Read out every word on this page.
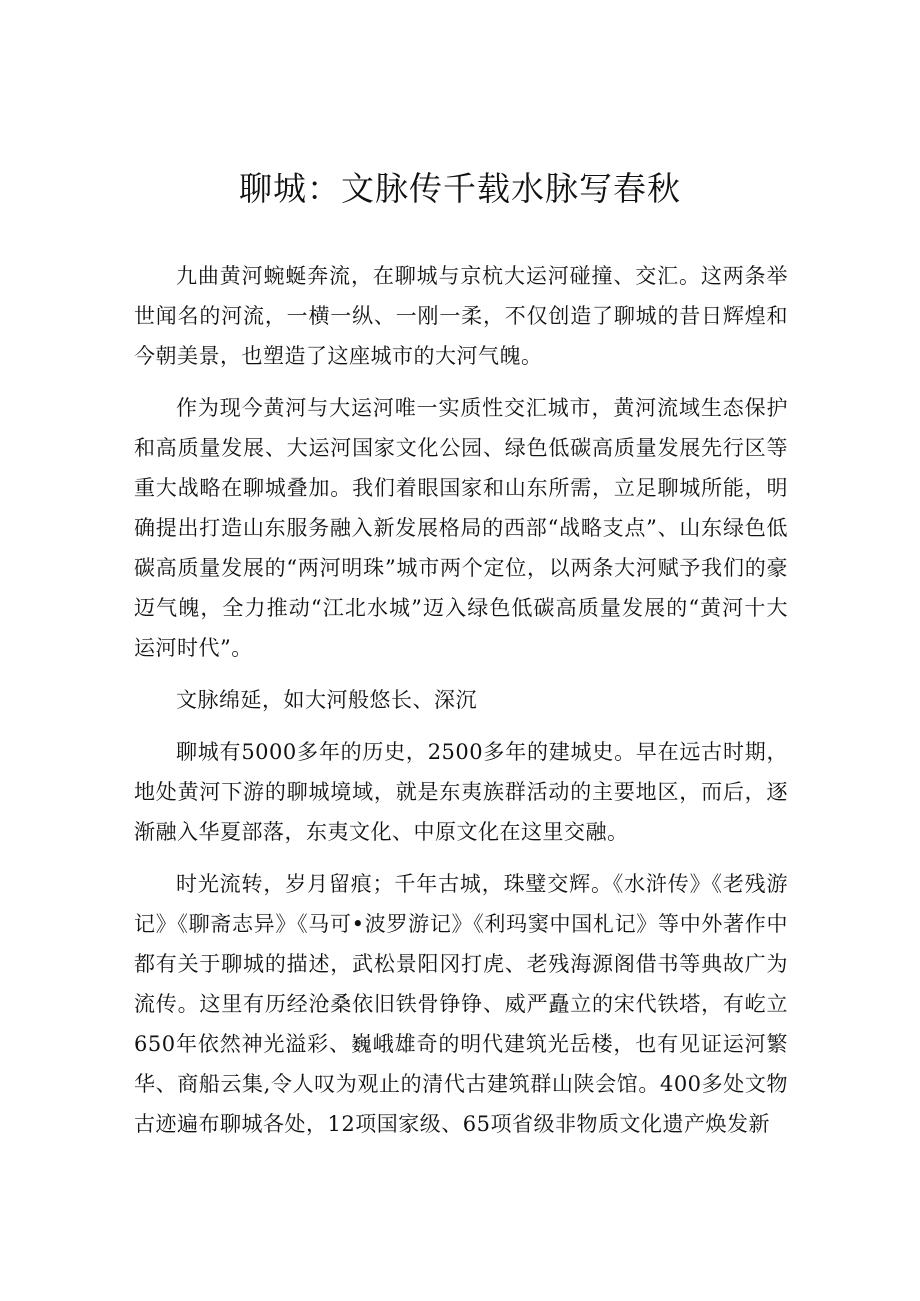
聊城：文脉传千载水脉写春秋

九曲黄河蜿蜒奔流，在聊城与京杭大运河碰撞、交汇。这两条举世闻名的河流，一横一纵、一刚一柔，不仅创造了聊城的昔日辉煌和今朝美景，也塑造了这座城市的大河气魄。

作为现今黄河与大运河唯一实质性交汇城市，黄河流域生态保护和高质量发展、大运河国家文化公园、绿色低碳高质量发展先行区等重大战略在聊城叠加。我们着眼国家和山东所需，立足聊城所能，明确提出打造山东服务融入新发展格局的西部“战略支点”、山东绿色低碳高质量发展的“两河明珠”城市两个定位，以两条大河赋予我们的豪迈气魄，全力推动“江北水城”迈入绿色低碳高质量发展的“黄河十大运河时代”。

文脉绵延，如大河般悠长、深沉

聊城有5000多年的历史，2500多年的建城史。早在远古时期，地处黄河下游的聊城境域，就是东夷族群活动的主要地区，而后，逐渐融入华夏部落，东夷文化、中原文化在这里交融。

时光流转，岁月留痕；千年古城，珠璧交辉。《水浒传》《老残游记》《聊斋志异》《马可•波罗游记》《利玛窦中国札记》等中外著作中都有关于聊城的描述，武松景阳冈打虎、老残海源阁借书等典故广为流传。这里有历经沧桑依旧铁骨铮铮、威严矗立的宋代铁塔，有屹立650年依然神光溢彩、巍峨雄奇的明代建筑光岳楼，也有见证运河繁华、商船云集,令人叹为观止的清代古建筑群山陕会馆。400多处文物古迹遍布聊城各处，12项国家级、65项省级非物质文化遗产焕发新
